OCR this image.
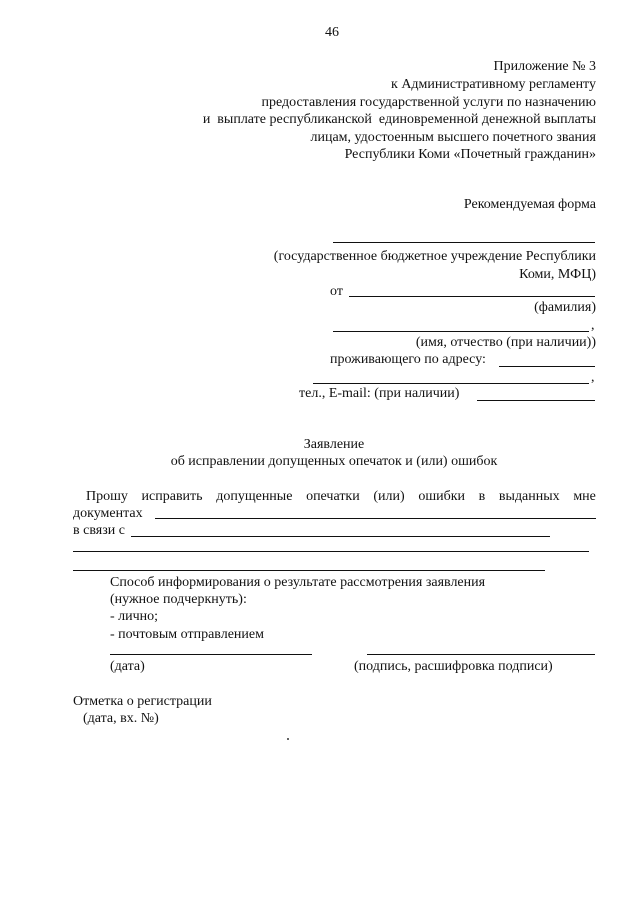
46
Приложение № 3
к Административному регламенту
предоставления государственной услуги по назначению
и  выплате республиканской  единовременной денежной выплаты
лицам, удостоенным высшего почетного звания
Республики Коми «Почетный гражданин»
Рекомендуемая форма
(государственное бюджетное учреждение Республики
Коми, МФЦ)
от
(фамилия)
,
(имя, отчество (при наличии))
проживающего по адресу:
,
тел., E-mail: (при наличии)
Заявление
об исправлении допущенных опечаток и (или) ошибок
Прошу исправить допущенные опечатки (или) ошибки в выданных мне
документах
в связи с
Способ информирования о результате рассмотрения заявления
(нужное подчеркнуть):
- лично;
- почтовым отправлением
(дата)	(подпись, расшифровка подписи)
Отметка о регистрации
(дата, вх. №)
